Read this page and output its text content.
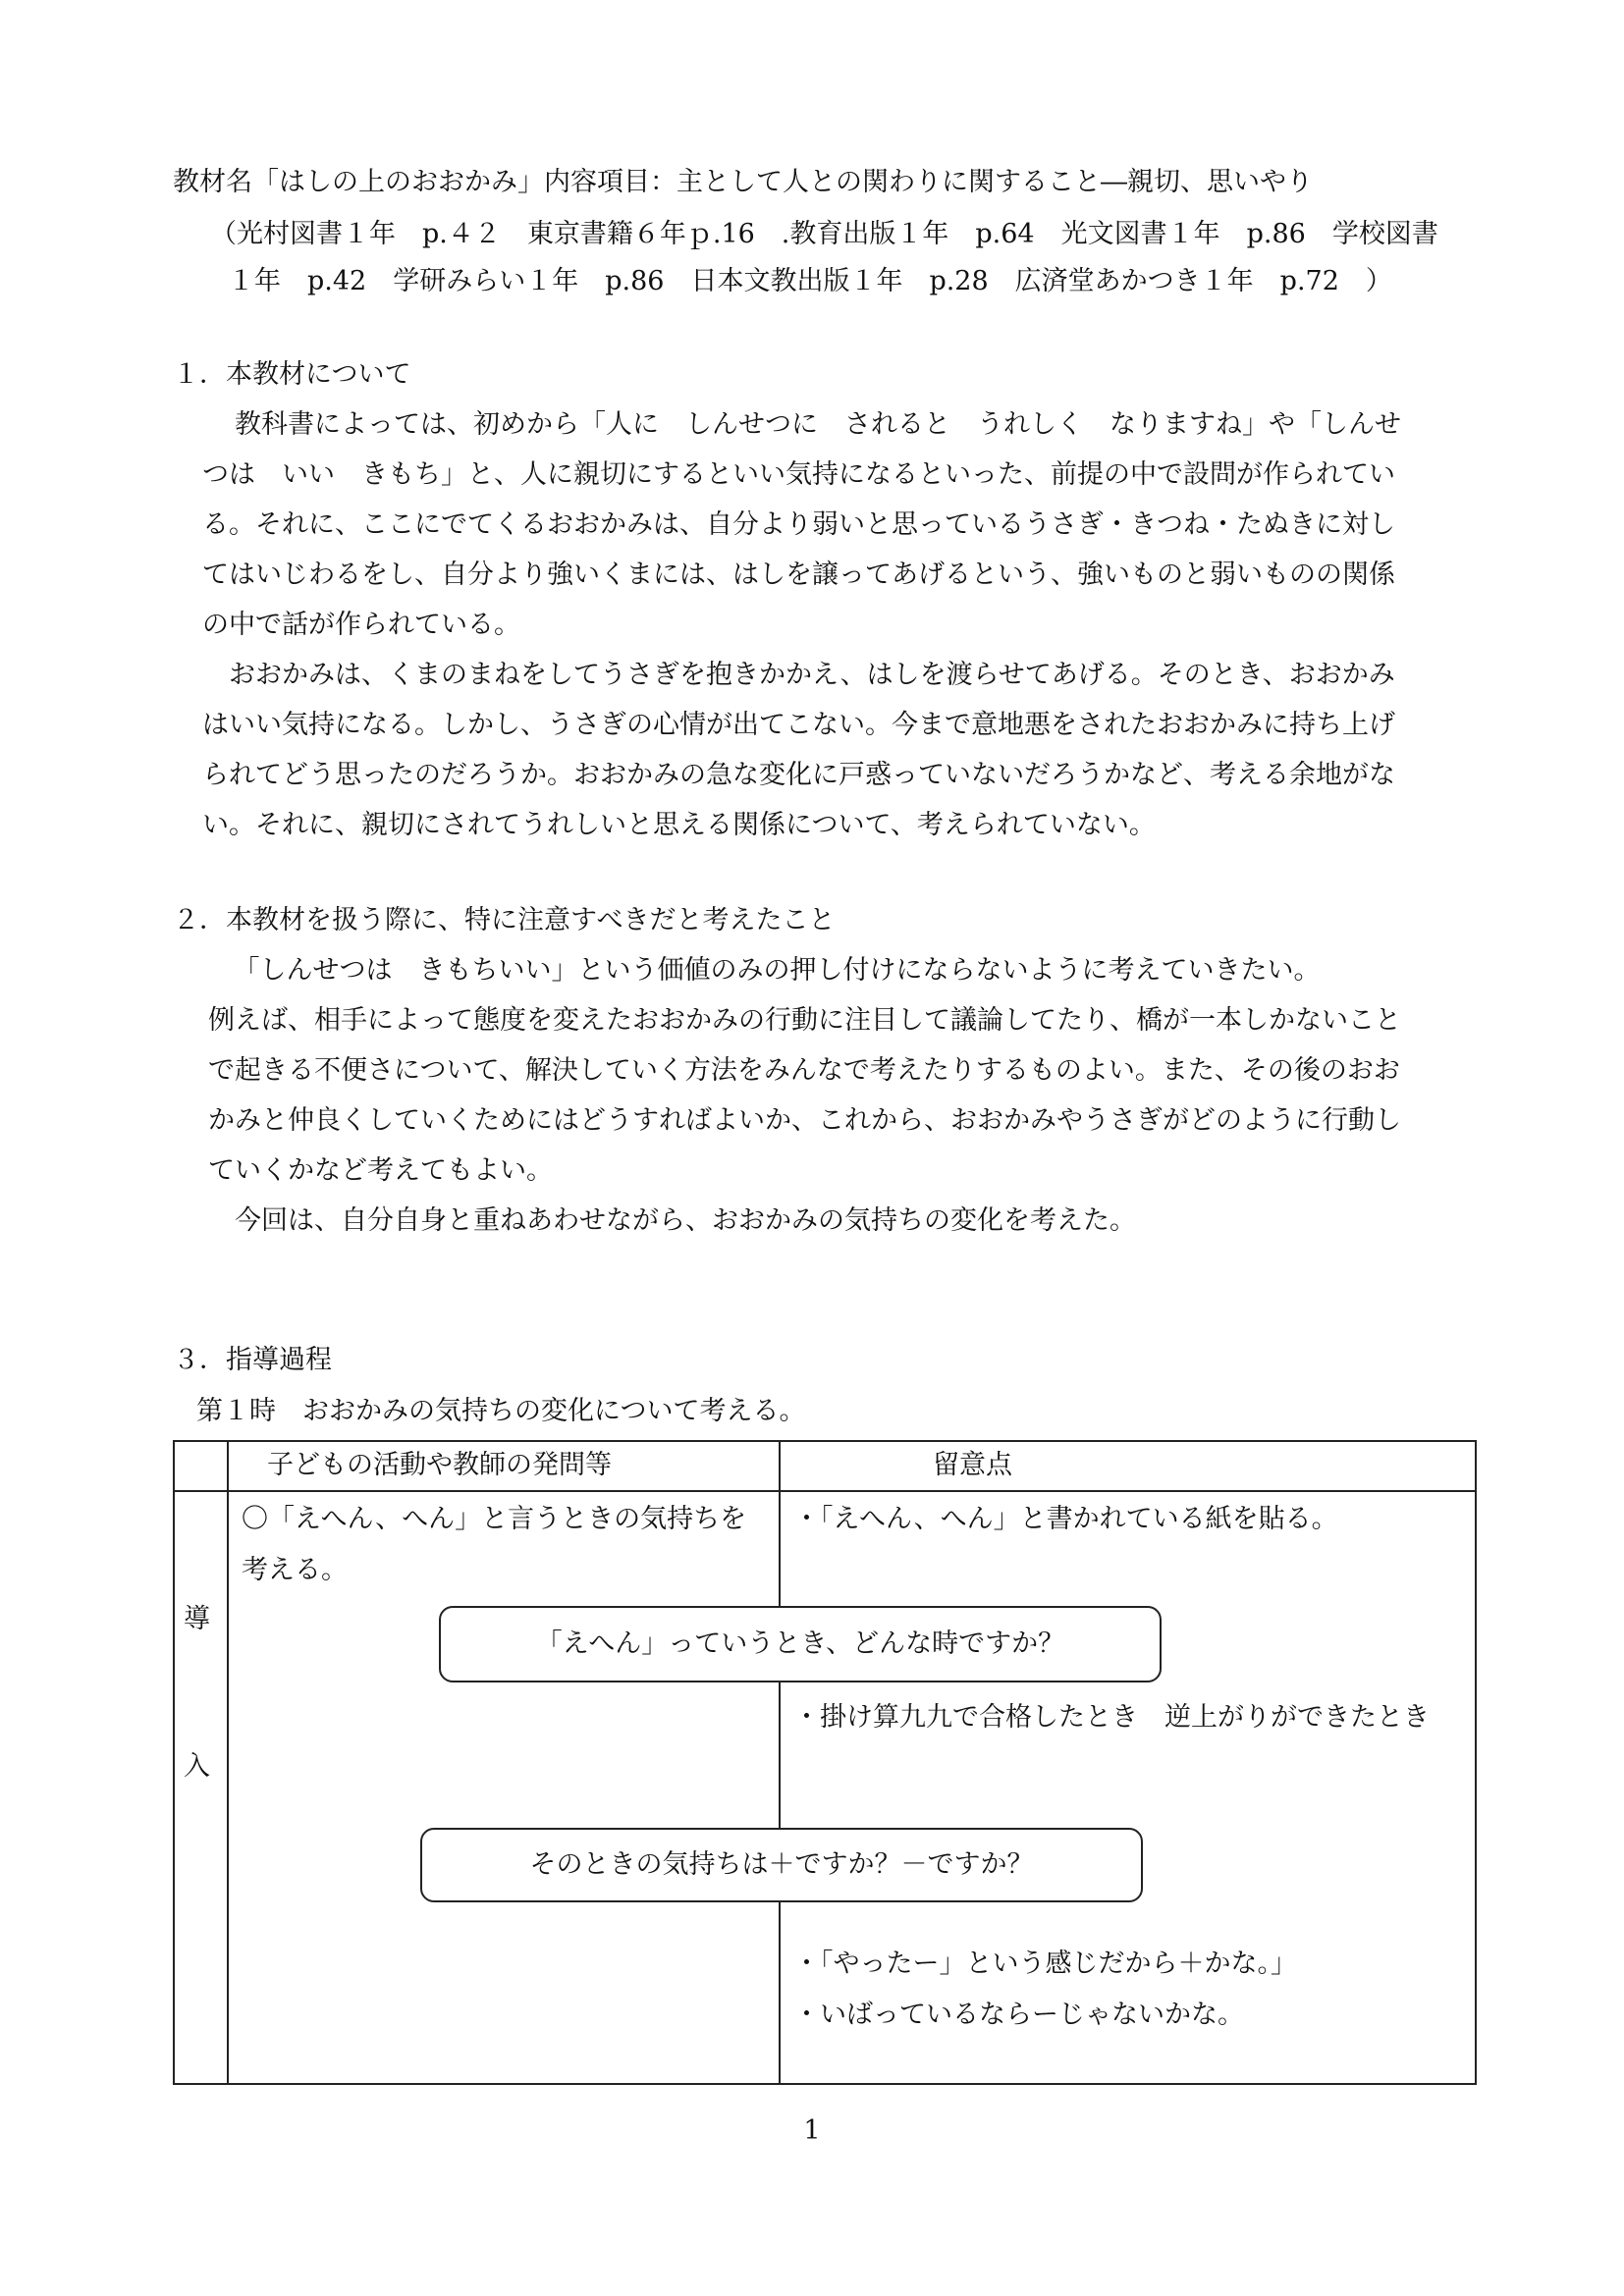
教材名「はしの上のおおかみ」内容項目：主として人との関わりに関すること―親切、思いやり
（光村図書１年　p.４２　東京書籍６年ｐ.16　.教育出版１年　p.64　光文図書１年　p.86　学校図書
１年　p.42　学研みらい１年　p.86　日本文教出版１年　p.28　広済堂あかつき１年　p.72　）
１．本教材について
　教科書によっては、初めから「人に　しんせつに　されると　うれしく　なりますね」や「しんせ
つは　いい　きもち」と、人に親切にするといい気持になるといった、前提の中で設問が作られてい
る。それに、ここにでてくるおおかみは、自分より弱いと思っているうさぎ・きつね・たぬきに対し
てはいじわるをし、自分より強いくまには、はしを譲ってあげるという、強いものと弱いものの関係
の中で話が作られている。
　おおかみは、くまのまねをしてうさぎを抱きかかえ、はしを渡らせてあげる。そのとき、おおかみ
はいい気持になる。しかし、うさぎの心情が出てこない。今まで意地悪をされたおおかみに持ち上げ
られてどう思ったのだろうか。おおかみの急な変化に戸惑っていないだろうかなど、考える余地がな
い。それに、親切にされてうれしいと思える関係について、考えられていない。
２．本教材を扱う際に、特に注意すべきだと考えたこと
　「しんせつは　きもちいい」という価値のみの押し付けにならないように考えていきたい。
例えば、相手によって態度を変えたおおかみの行動に注目して議論してたり、橋が一本しかないこと
で起きる不便さについて、解決していく方法をみんなで考えたりするものよい。また、その後のおお
かみと仲良くしていくためにはどうすればよいか、これから、おおかみやうさぎがどのように行動し
ていくかなど考えてもよい。
　今回は、自分自身と重ねあわせながら、おおかみの気持ちの変化を考えた。
３．指導過程
第１時　おおかみの気持ちの変化について考える。
子どもの活動や教師の発問等	留意点
導
入
〇「えへん、へん」と言うときの気持ちを
考える。
・「えへん、へん」と書かれている紙を貼る。
「えへん」っていうとき、どんな時ですか？
・掛け算九九で合格したとき　逆上がりができたとき
そのときの気持ちは＋ですか？－ですか？
・「やったー」という感じだから＋かな。」
・いばっているならーじゃないかな。
1
